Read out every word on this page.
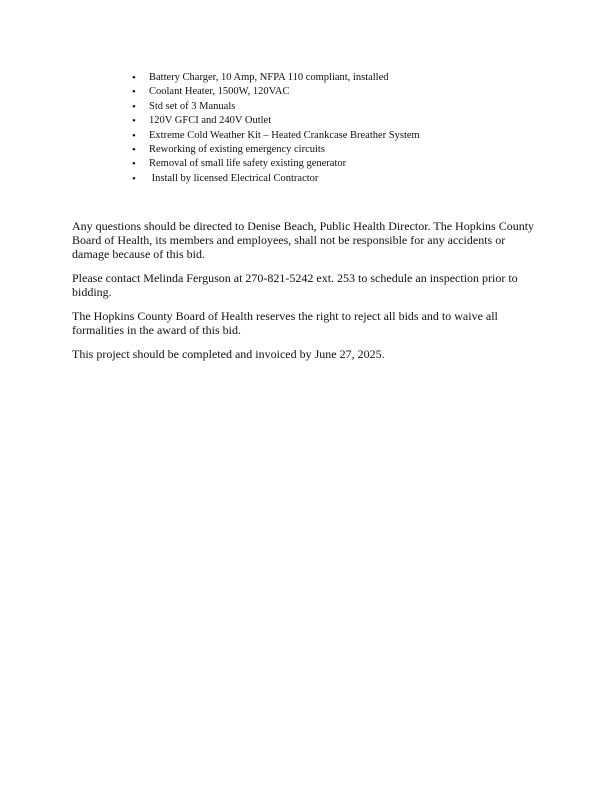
• Battery Charger, 10 Amp, NFPA 110 compliant, installed
• Coolant Heater, 1500W, 120VAC
• Std set of 3 Manuals
• 120V GFCI and 240V Outlet
• Extreme Cold Weather Kit – Heated Crankcase Breather System
• Reworking of existing emergency circuits
• Removal of small life safety existing generator
•  Install by licensed Electrical Contractor

Any questions should be directed to Denise Beach, Public Health Director. The Hopkins County Board of Health, its members and employees, shall not be responsible for any accidents or damage because of this bid.

Please contact Melinda Ferguson at 270-821-5242 ext. 253 to schedule an inspection prior to bidding.

The Hopkins County Board of Health reserves the right to reject all bids and to waive all formalities in the award of this bid.

This project should be completed and invoiced by June 27, 2025.
